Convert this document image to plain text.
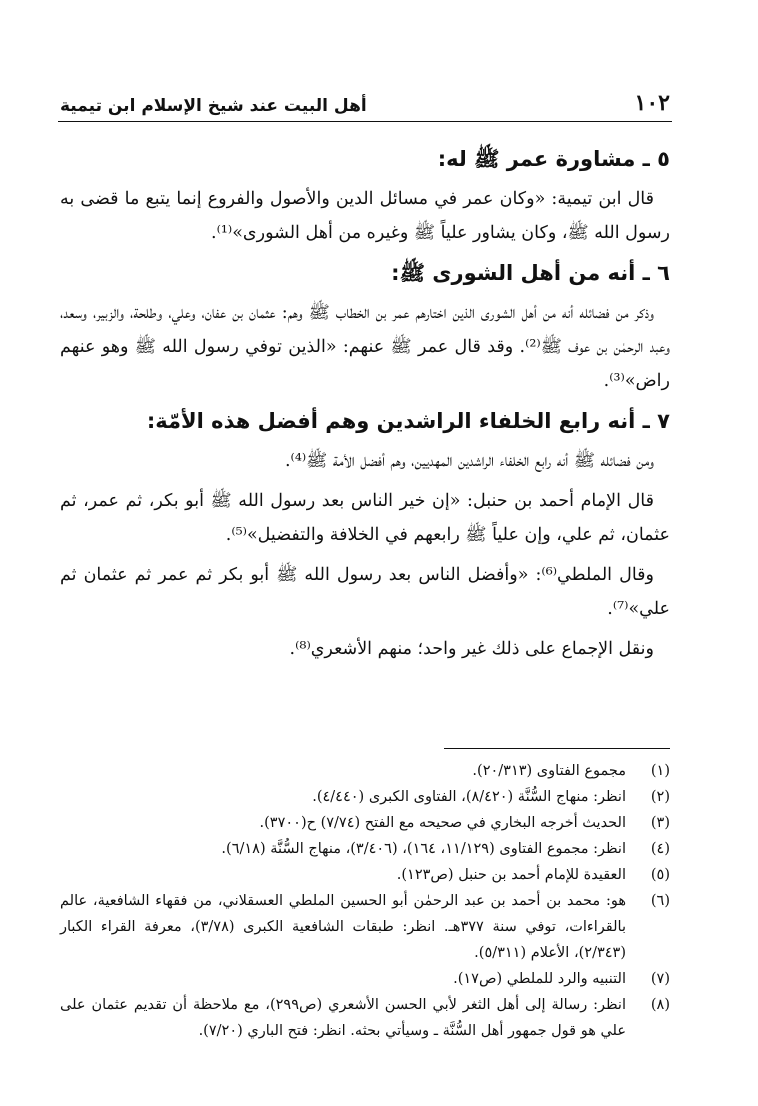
١٠٢
أهل البيت عند شيخ الإسلام ابن تيمية
٥ ـ مشاورة عمر ﷺ له:

قال ابن تيمية: «وكان عمر في مسائل الدين والأصول والفروع إنما يتبع ما قضى به رسول الله ﷺ، وكان يشاور علياً ﷺ وغيره من أهل الشورى»⁽¹⁾.

٦ ـ أنه من أهل الشورى ﷺ:

وذكر من فضائله أنه من أهل الشورى الذين اختارهم عمر بن الخطاب ﷺ وهم: عثمان بن عفان، وعلي، وطلحة، والزبير، وسعد، وعبد الرحمٰن بن عوف ﷺ⁽²⁾. وقد قال عمر ﷺ عنهم: «الذين توفي رسول الله ﷺ وهو عنهم راض»⁽³⁾.

٧ ـ أنه رابع الخلفاء الراشدين وهم أفضل هذه الأمّة:

ومن فضائله ﷺ أنه رابع الخلفاء الراشدين المهديين، وهم أفضل الأمة ﷺ⁽⁴⁾.

قال الإمام أحمد بن حنبل: «إن خير الناس بعد رسول الله ﷺ أبو بكر، ثم عمر، ثم عثمان، ثم علي، وإن علياً ﷺ رابعهم في الخلافة والتفضيل»⁽⁵⁾.

وقال الملطي⁽⁶⁾: «وأفضل الناس بعد رسول الله ﷺ أبو بكر ثم عمر ثم عثمان ثم علي»⁽⁷⁾.

ونقل الإجماع على ذلك غير واحد؛ منهم الأشعري⁽⁸⁾.

(١)
مجموع الفتاوى (٢٠/٣١٣).
(٢)
انظر: منهاج السُّنَّة (٨/٤٢٠)، الفتاوى الكبرى (٤/٤٤٠).
(٣)
الحديث أخرجه البخاري في صحيحه مع الفتح (٧/٧٤) ح(٣٧٠٠).
(٤)
انظر: مجموع الفتاوى (١١/١٢٩، ١٦٤)، (٣/٤٠٦)، منهاج السُّنَّة (٦/١٨).
(٥)
العقيدة للإمام أحمد بن حنبل (ص١٢٣).
(٦)
هو: محمد بن أحمد بن عبد الرحمٰن أبو الحسين الملطي العسقلاني، من فقهاء الشافعية، عالم بالقراءات، توفي سنة ٣٧٧هـ. انظر: طبقات الشافعية الكبرى (٣/٧٨)، معرفة القراء الكبار (٢/٣٤٣)، الأعلام (٥/٣١١).
(٧)
التنبيه والرد للملطي (ص١٧).
(٨)
انظر: رسالة إلى أهل الثغر لأبي الحسن الأشعري (ص٢٩٩)، مع ملاحظة أن تقديم عثمان على علي هو قول جمهور أهل السُّنَّة ـ وسيأتي بحثه. انظر: فتح الباري (٧/٢٠).
